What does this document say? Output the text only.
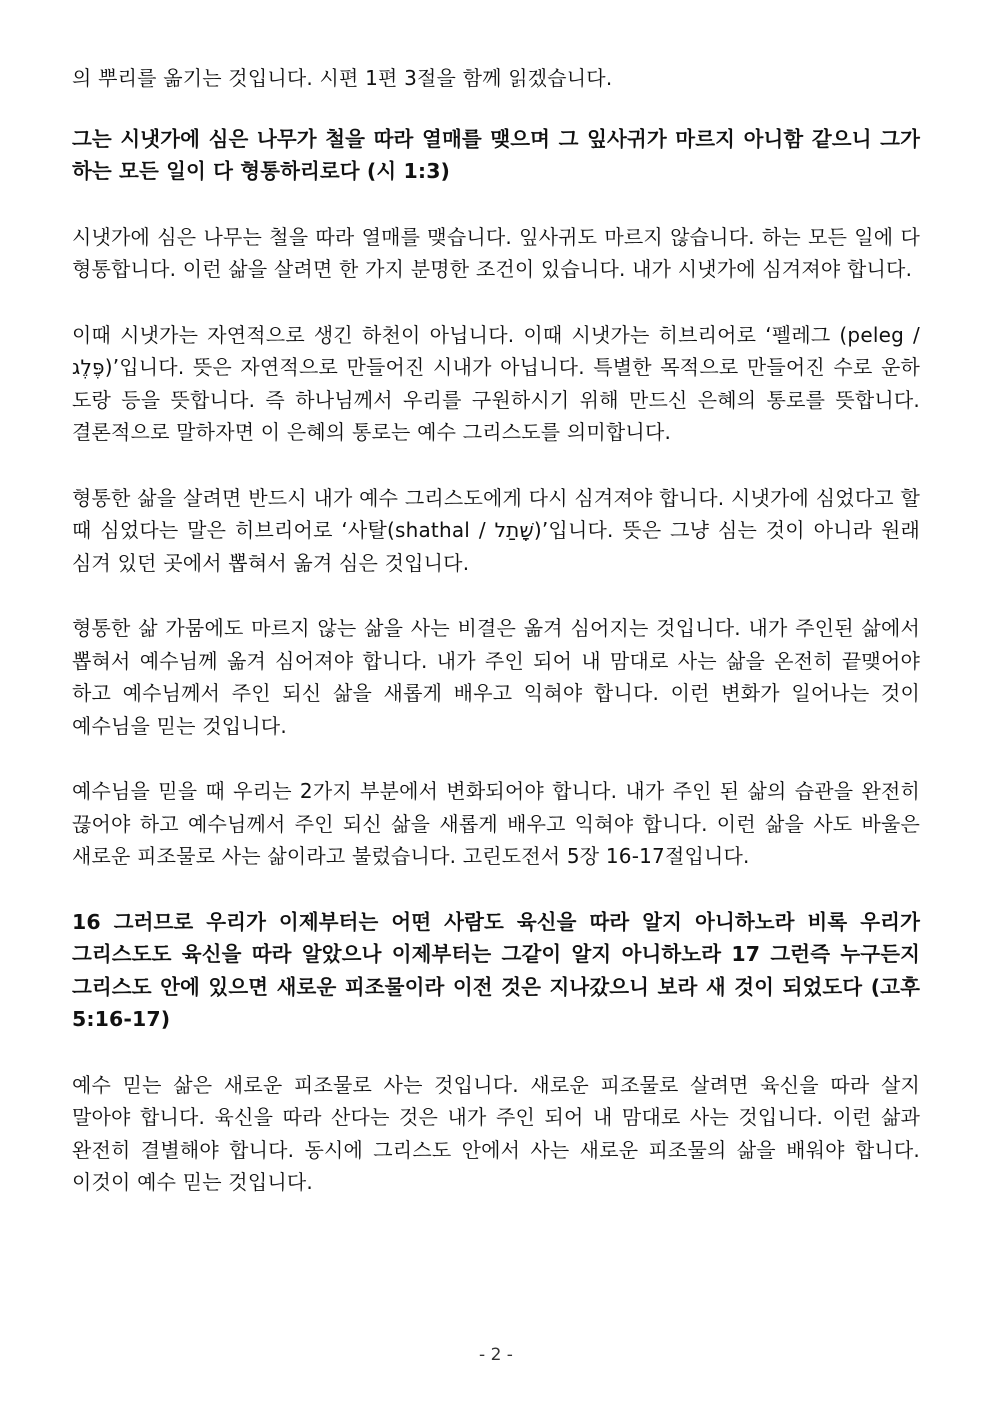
의 뿌리를 옮기는 것입니다. 시편 1편 3절을 함께 읽겠습니다.

그는 시냇가에 심은 나무가 철을 따라 열매를 맺으며 그 잎사귀가 마르지 아니함 같으니 그가 하는 모든 일이 다 형통하리로다 (시 1:3)

시냇가에 심은 나무는 철을 따라 열매를 맺습니다. 잎사귀도 마르지 않습니다. 하는 모든 일에 다 형통합니다. 이런 삶을 살려면 한 가지 분명한 조건이 있습니다. 내가 시냇가에 심겨져야 합니다.

이때 시냇가는 자연적으로 생긴 하천이 아닙니다. 이때 시냇가는 히브리어로 ‘펠레그 (peleg / פֶּלֶג)’입니다. 뜻은 자연적으로 만들어진 시내가 아닙니다. 특별한 목적으로 만들어진 수로 운하 도랑 등을 뜻합니다. 즉 하나님께서 우리를 구원하시기 위해 만드신 은혜의 통로를 뜻합니다. 결론적으로 말하자면 이 은혜의 통로는 예수 그리스도를 의미합니다.

형통한 삶을 살려면 반드시 내가 예수 그리스도에게 다시 심겨져야 합니다. 시냇가에 심었다고 할 때 심었다는 말은 히브리어로 ‘사탈(shathal / שָׁתַל)’입니다. 뜻은 그냥 심는 것이 아니라 원래 심겨 있던 곳에서 뽑혀서 옮겨 심은 것입니다.

형통한 삶 가뭄에도 마르지 않는 삶을 사는 비결은 옮겨 심어지는 것입니다. 내가 주인된 삶에서 뽑혀서 예수님께 옮겨 심어져야 합니다. 내가 주인 되어 내 맘대로 사는 삶을 온전히 끝맺어야 하고 예수님께서 주인 되신 삶을 새롭게 배우고 익혀야 합니다. 이런 변화가 일어나는 것이 예수님을 믿는 것입니다.

예수님을 믿을 때 우리는 2가지 부분에서 변화되어야 합니다. 내가 주인 된 삶의 습관을 완전히 끊어야 하고 예수님께서 주인 되신 삶을 새롭게 배우고 익혀야 합니다. 이런 삶을 사도 바울은 새로운 피조물로 사는 삶이라고 불렀습니다. 고린도전서 5장 16-17절입니다.

16 그러므로 우리가 이제부터는 어떤 사람도 육신을 따라 알지 아니하노라 비록 우리가 그리스도도 육신을 따라 알았으나 이제부터는 그같이 알지 아니하노라 17 그런즉 누구든지 그리스도 안에 있으면 새로운 피조물이라 이전 것은 지나갔으니 보라 새 것이 되었도다 (고후 5:16-17)

예수 믿는 삶은 새로운 피조물로 사는 것입니다. 새로운 피조물로 살려면 육신을 따라 살지 말아야 합니다. 육신을 따라 산다는 것은 내가 주인 되어 내 맘대로 사는 것입니다. 이런 삶과 완전히 결별해야 합니다. 동시에 그리스도 안에서 사는 새로운 피조물의 삶을 배워야 합니다. 이것이 예수 믿는 것입니다.

- 2 -
